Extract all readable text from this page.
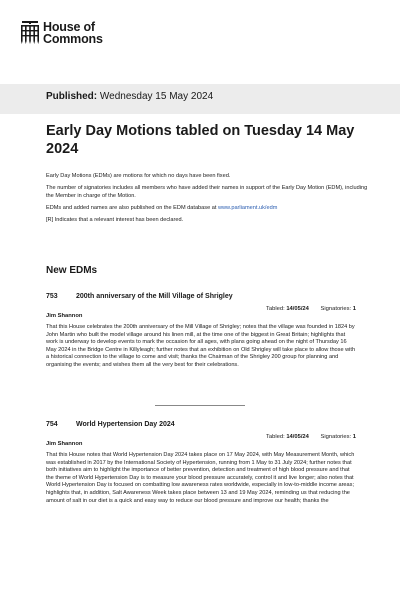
House of
Commons
Published: Wednesday 15 May 2024
Early Day Motions tabled on Tuesday 14 May 2024

Early Day Motions (EDMs) are motions for which no days have been fixed.

The number of signatories includes all members who have added their names in support of the Early Day Motion (EDM), including the Member in charge of the Motion.

EDMs and added names are also published on the EDM database at www.parliament.uk/edm

[R] Indicates that a relevant interest has been declared.

New EDMs
753	200th anniversary of the Mill Village of Shrigley
Tabled: 14/05/24 Signatories: 1
Jim Shannon
That this House celebrates the 200th anniversary of the Mill Village of Shrigley; notes that the village was founded in 1824 by John Martin who built the model village around his linen mill, at the time one of the biggest in Great Britain; highlights that work is underway to develop events to mark the occasion for all ages, with plans going ahead on the night of Thursday 16 May 2024 in the Bridge Centre in Killyleagh; further notes that an exhibition on Old Shrigley will take place to allow those with a historical connection to the village to come and visit; thanks the Chairman of the Shrigley 200 group for planning and organising the events; and wishes them all the very best for their celebrations.
754	World Hypertension Day 2024
Tabled: 14/05/24 Signatories: 1
Jim Shannon
That this House notes that World Hypertension Day 2024 takes place on 17 May 2024, with May Measurement Month, which was established in 2017 by the International Society of Hypertension, running from 1 May to 31 July 2024; further notes that both initiatives aim to highlight the importance of better prevention, detection and treatment of high blood pressure and that the theme of World Hypertension Day is to measure your blood pressure accurately, control it and live longer; also notes that World Hypertension Day is focused on combatting low awareness rates worldwide, especially in low-to-middle income areas; highlights that, in addition, Salt Awareness Week takes place between 13 and 19 May 2024, reminding us that reducing the amount of salt in our diet is a quick and easy way to reduce our blood pressure and improve our health; thanks the
